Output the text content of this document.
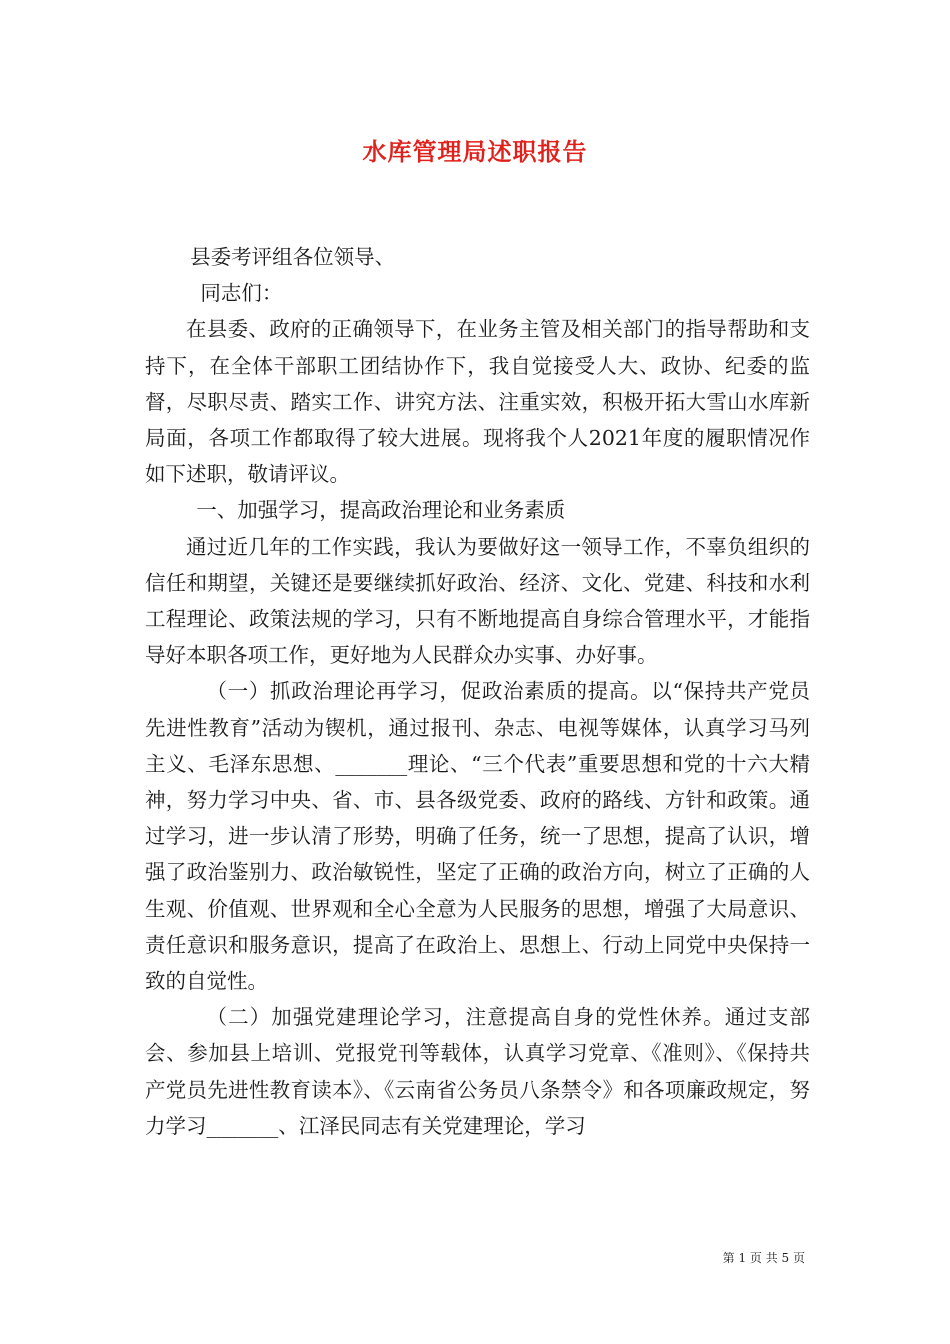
水库管理局述职报告

县委考评组各位领导、

同志们：

在县委、政府的正确领导下，在业务主管及相关部门的指导帮助和支持下，在全体干部职工团结协作下，我自觉接受人大、政协、纪委的监督，尽职尽责、踏实工作、讲究方法、注重实效，积极开拓大雪山水库新局面，各项工作都取得了较大进展。现将我个人2021年度的履职情况作如下述职，敬请评议。

一、加强学习，提高政治理论和业务素质

通过近几年的工作实践，我认为要做好这一领导工作，不辜负组织的信任和期望，关键还是要继续抓好政治、经济、文化、党建、科技和水利工程理论、政策法规的学习，只有不断地提高自身综合管理水平，才能指导好本职各项工作，更好地为人民群众办实事、办好事。

（一）抓政治理论再学习，促政治素质的提高。以“保持共产党员先进性教育”活动为锲机，通过报刊、杂志、电视等媒体，认真学习马列主义、毛泽东思想、_______理论、“三个代表”重要思想和党的十六大精神，努力学习中央、省、市、县各级党委、政府的路线、方针和政策。通过学习，进一步认清了形势，明确了任务，统一了思想，提高了认识，增强了政治鉴别力、政治敏锐性，坚定了正确的政治方向，树立了正确的人生观、价值观、世界观和全心全意为人民服务的思想，增强了大局意识、责任意识和服务意识，提高了在政治上、思想上、行动上同党中央保持一致的自觉性。

（二）加强党建理论学习，注意提高自身的党性休养。通过支部会、参加县上培训、党报党刊等载体，认真学习党章、《准则》、《保持共产党员先进性教育读本》、《云南省公务员八条禁令》和各项廉政规定，努力学习_______、江泽民同志有关党建理论，学习

第 1 页 共 5 页
